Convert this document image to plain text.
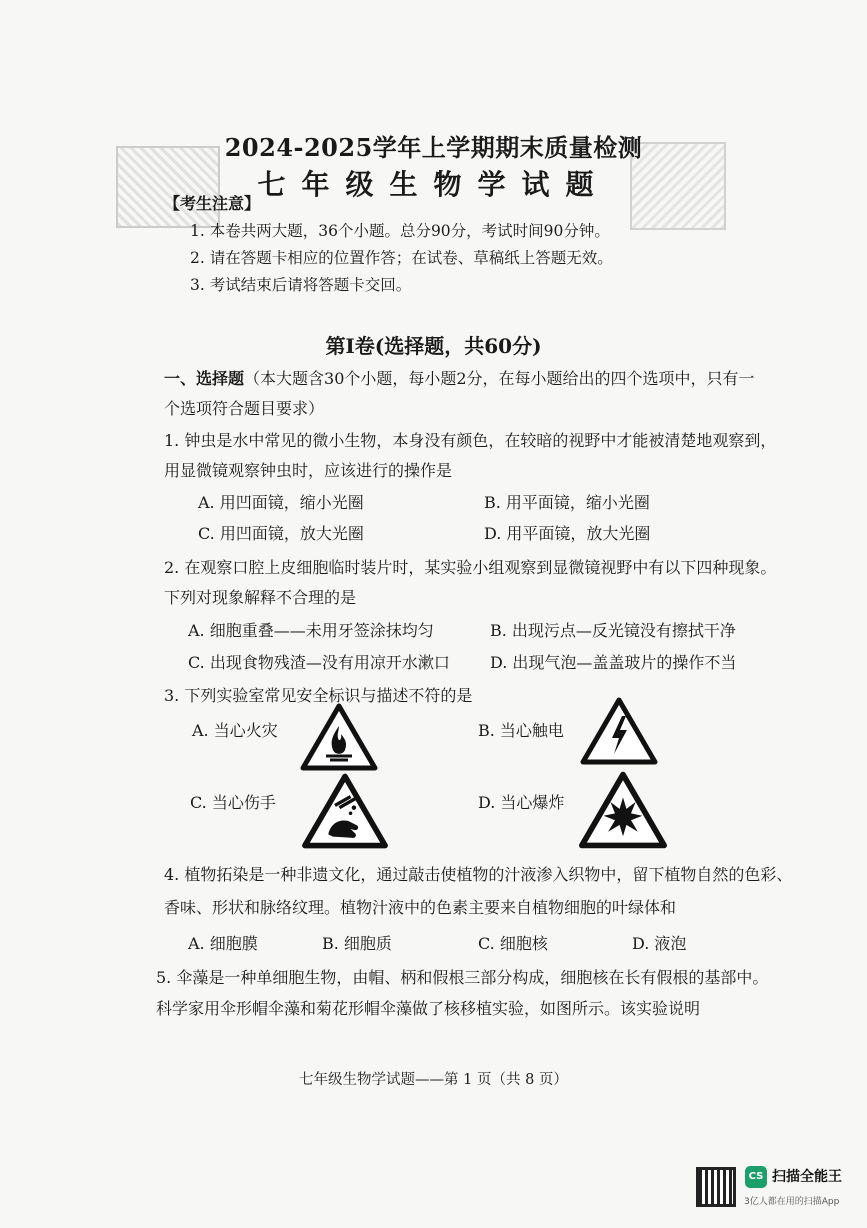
2024-2025学年上学期期末质量检测
七年级生物学试题
【考生注意】
1. 本卷共两大题，36个小题。总分90分，考试时间90分钟。
2. 请在答题卡相应的位置作答；在试卷、草稿纸上答题无效。
3. 考试结束后请将答题卡交回。
第Ⅰ卷(选择题，共60分)
一、选择题（本大题含30个小题，每小题2分，在每小题给出的四个选项中，只有一
个选项符合题目要求）
1. 钟虫是水中常见的微小生物，本身没有颜色，在较暗的视野中才能被清楚地观察到，
用显微镜观察钟虫时，应该进行的操作是
A. 用凹面镜，缩小光圈	B. 用平面镜，缩小光圈
C. 用凹面镜，放大光圈	D. 用平面镜，放大光圈
2. 在观察口腔上皮细胞临时装片时，某实验小组观察到显微镜视野中有以下四种现象。
下列对现象解释不合理的是
A. 细胞重叠——未用牙签涂抹均匀	B. 出现污点—反光镜没有擦拭干净
C. 出现食物残渣—没有用凉开水漱口	D. 出现气泡—盖盖玻片的操作不当
3. 下列实验室常见安全标识与描述不符的是
A. 当心火灾	B. 当心触电
C. 当心伤手	D. 当心爆炸
4. 植物拓染是一种非遗文化，通过敲击使植物的汁液渗入织物中，留下植物自然的色彩、
香味、形状和脉络纹理。植物汁液中的色素主要来自植物细胞的叶绿体和
A. 细胞膜	B. 细胞质	C. 细胞核	D. 液泡
5. 伞藻是一种单细胞生物，由帽、柄和假根三部分构成，细胞核在长有假根的基部中。
科学家用伞形帽伞藻和菊花形帽伞藻做了核移植实验，如图所示。该实验说明
七年级生物学试题——第 1 页（共 8 页）
CS 扫描全能王
3亿人都在用的扫描App
